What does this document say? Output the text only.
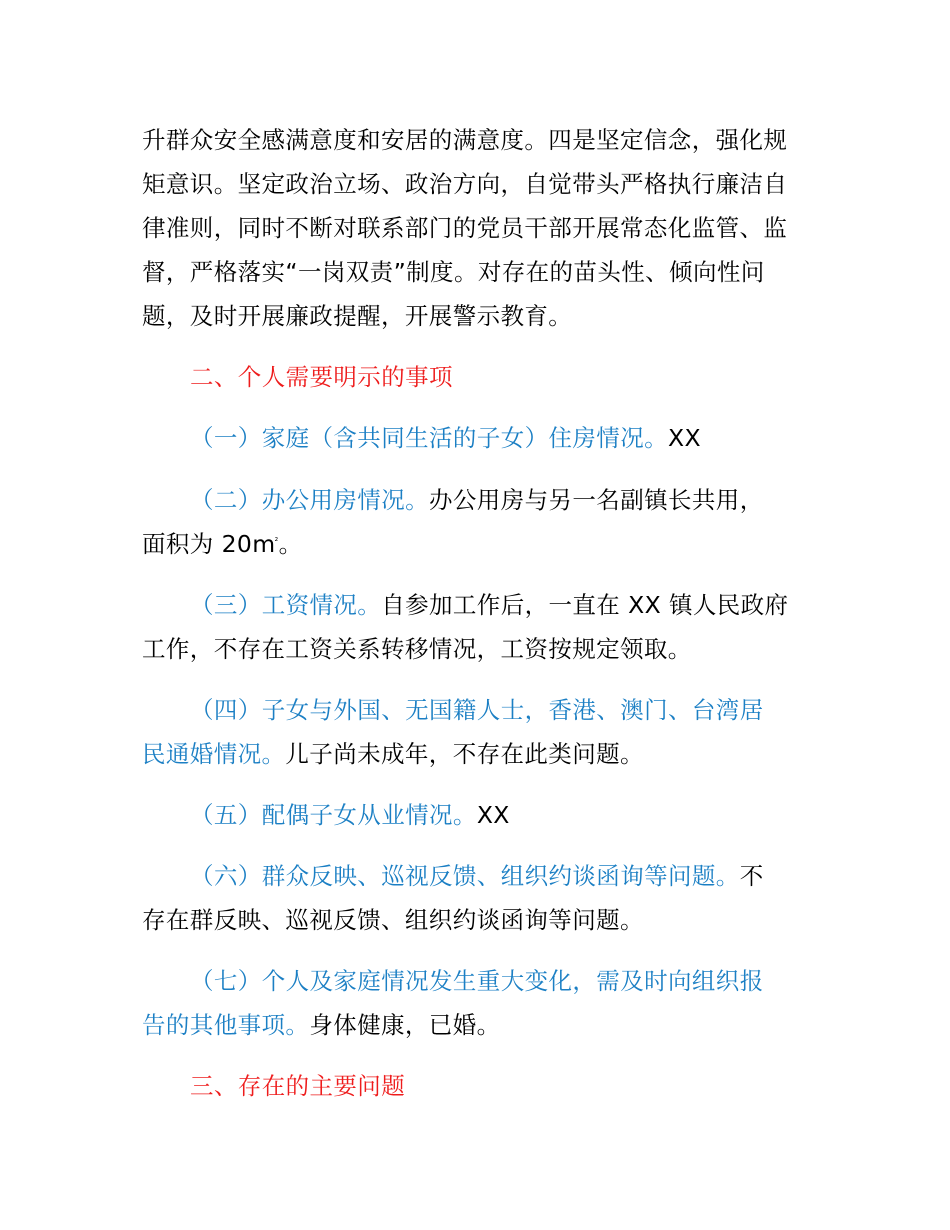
升群众安全感满意度和安居的满意度。四是坚定信念，强化规
矩意识。坚定政治立场、政治方向，自觉带头严格执行廉洁自
律准则，同时不断对联系部门的党员干部开展常态化监管、监
督，严格落实“一岗双责”制度。对存在的苗头性、倾向性问
题，及时开展廉政提醒，开展警示教育。
二、个人需要明示的事项
（一）家庭（含共同生活的子女）住房情况。XX
（二）办公用房情况。办公用房与另一名副镇长共用，
面积为 $20m^{^2}$。
（三）工资情况。自参加工作后，一直在 XX 镇人民政府
工作，不存在工资关系转移情况，工资按规定领取。
（四）子女与外国、无国籍人士，香港、澳门、台湾居
民通婚情况。儿子尚未成年，不存在此类问题。
（五）配偶子女从业情况。XX
（六）群众反映、巡视反馈、组织约谈函询等问题。不
存在群反映、巡视反馈、组织约谈函询等问题。
（七）个人及家庭情况发生重大变化，需及时向组织报
告的其他事项。身体健康，已婚。
三、存在的主要问题
